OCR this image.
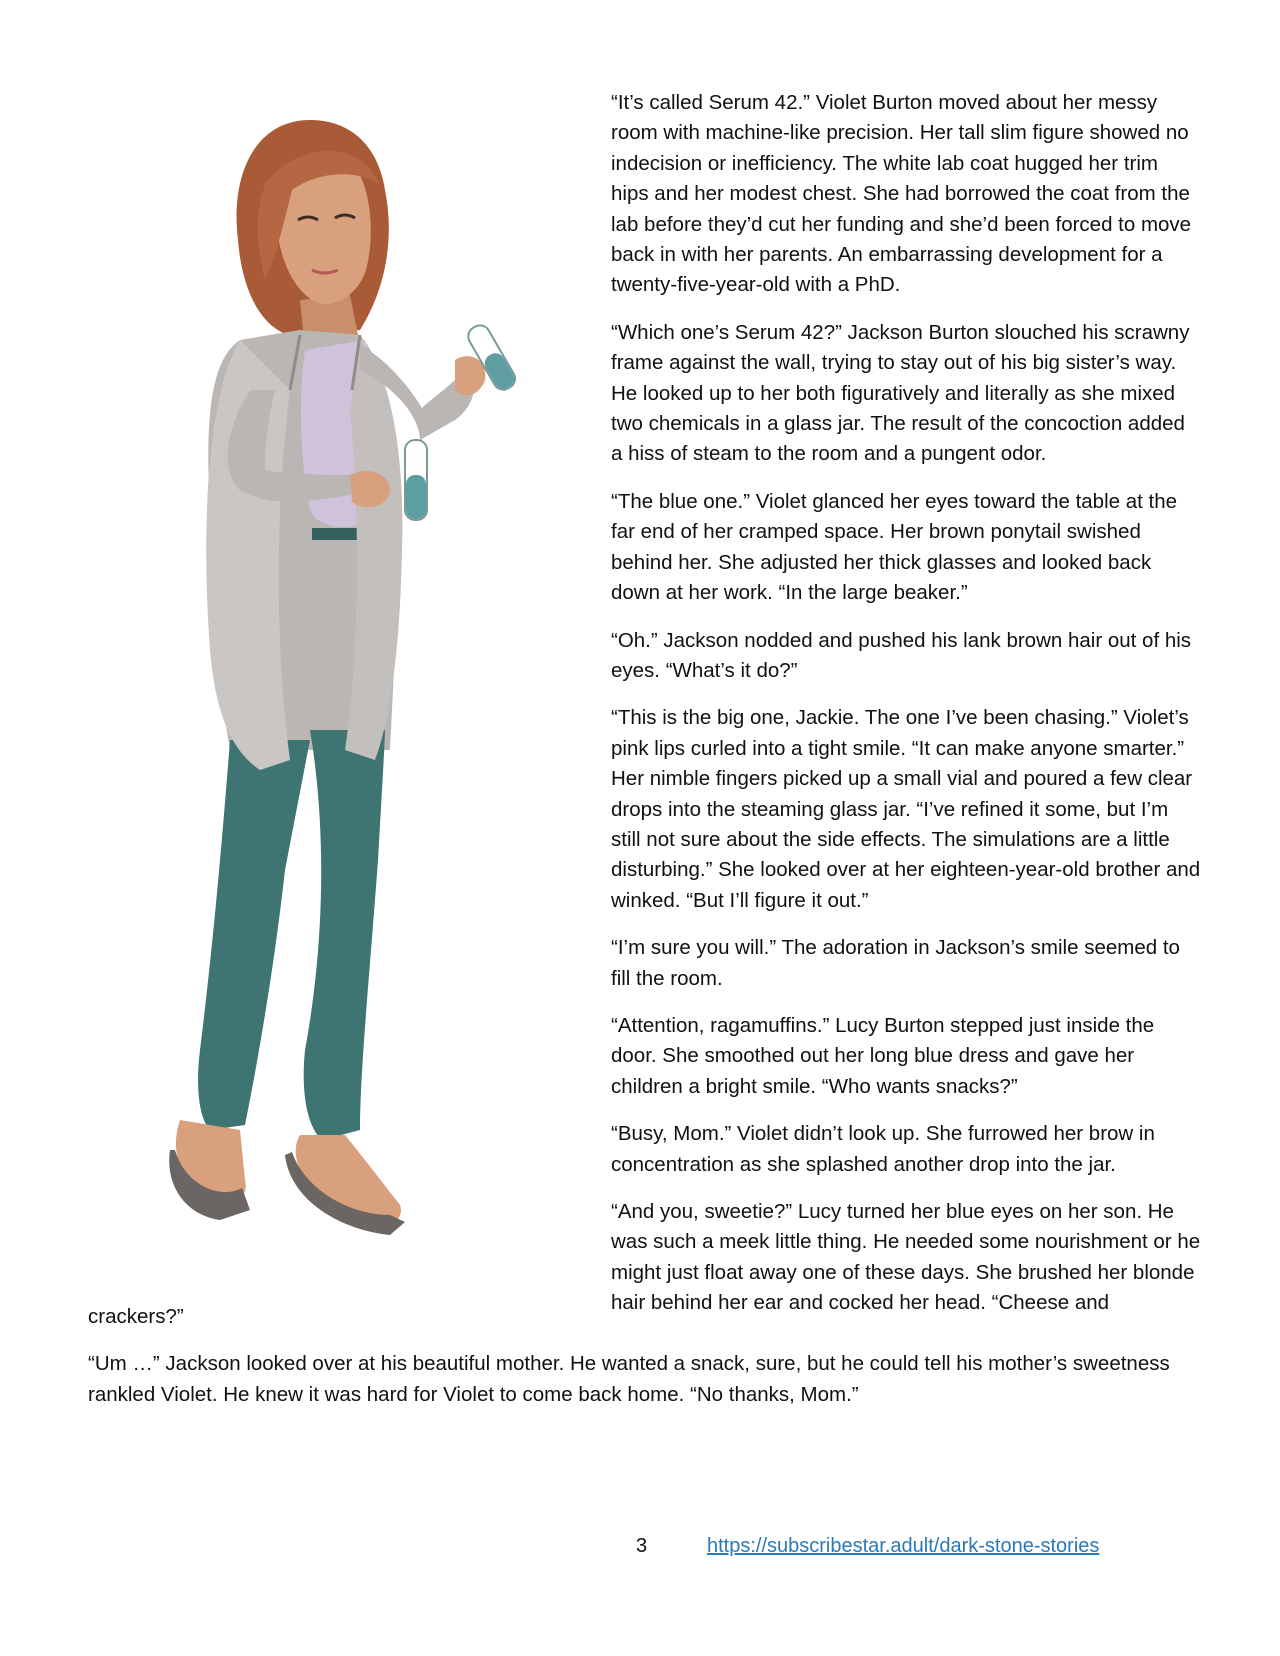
“It’s called Serum 42.” Violet Burton moved about her messy room with machine-like precision. Her tall slim figure showed no indecision or inefficiency. The white lab coat hugged her trim hips and her modest chest. She had borrowed the coat from the lab before they’d cut her funding and she’d been forced to move back in with her parents. An embarrassing development for a twenty-five-year-old with a PhD.

“Which one’s Serum 42?” Jackson Burton slouched his scrawny frame against the wall, trying to stay out of his big sister’s way. He looked up to her both figuratively and literally as she mixed two chemicals in a glass jar. The result of the concoction added a hiss of steam to the room and a pungent odor.

“The blue one.” Violet glanced her eyes toward the table at the far end of her cramped space. Her brown ponytail swished behind her. She adjusted her thick glasses and looked back down at her work. “In the large beaker.”

“Oh.” Jackson nodded and pushed his lank brown hair out of his eyes. “What’s it do?”

“This is the big one, Jackie. The one I’ve been chasing.” Violet’s pink lips curled into a tight smile. “It can make anyone smarter.” Her nimble fingers picked up a small vial and poured a few clear drops into the steaming glass jar. “I’ve refined it some, but I’m still not sure about the side effects. The simulations are a little disturbing.” She looked over at her eighteen-year-old brother and winked. “But I’ll figure it out.”

“I’m sure you will.” The adoration in Jackson’s smile seemed to fill the room.

“Attention, ragamuffins.” Lucy Burton stepped just inside the door. She smoothed out her long blue dress and gave her children a bright smile. “Who wants snacks?”

“Busy, Mom.” Violet didn’t look up. She furrowed her brow in concentration as she splashed another drop into the jar.

“And you, sweetie?” Lucy turned her blue eyes on her son. He was such a meek little thing. He needed some nourishment or he might just float away one of these days. She brushed her blonde hair behind her ear and cocked her head. “Cheese and

crackers?”

“Um …” Jackson looked over at his beautiful mother. He wanted a snack, sure, but he could tell his mother’s sweetness rankled Violet. He knew it was hard for Violet to come back home. “No thanks, Mom.”

3	https://subscribestar.adult/dark-stone-stories
